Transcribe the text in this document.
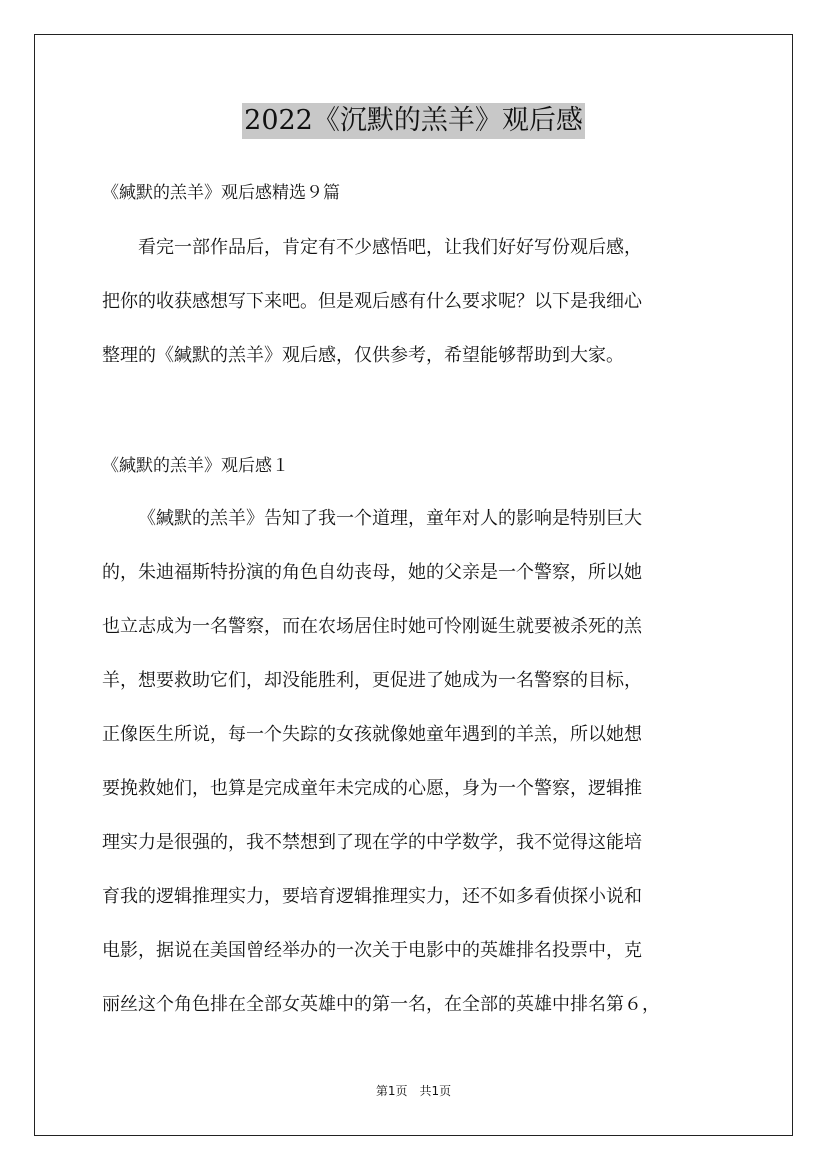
2022《沉默的羔羊》观后感
《緘默的羔羊》观后感精选９篇
看完一部作品后，肯定有不少感悟吧，让我们好好写份观后感，
把你的收获感想写下来吧。但是观后感有什么要求呢？以下是我细心
整理的《緘默的羔羊》观后感，仅供参考，希望能够帮助到大家。
《緘默的羔羊》观后感１
《緘默的羔羊》告知了我一个道理，童年对人的影响是特别巨大
的，朱迪福斯特扮演的角色自幼丧母，她的父亲是一个警察，所以她
也立志成为一名警察，而在农场居住时她可怜刚诞生就要被杀死的羔
羊，想要救助它们，却没能胜利，更促进了她成为一名警察的目标，
正像医生所说，每一个失踪的女孩就像她童年遇到的羊羔，所以她想
要挽救她们，也算是完成童年未完成的心愿，身为一个警察，逻辑推
理实力是很强的，我不禁想到了现在学的中学数学，我不觉得这能培
育我的逻辑推理实力，要培育逻辑推理实力，还不如多看侦探小说和
电影，据说在美国曾经举办的一次关于电影中的英雄排名投票中，克
丽丝这个角色排在全部女英雄中的第一名，在全部的英雄中排名第６，
第1页　共1页
